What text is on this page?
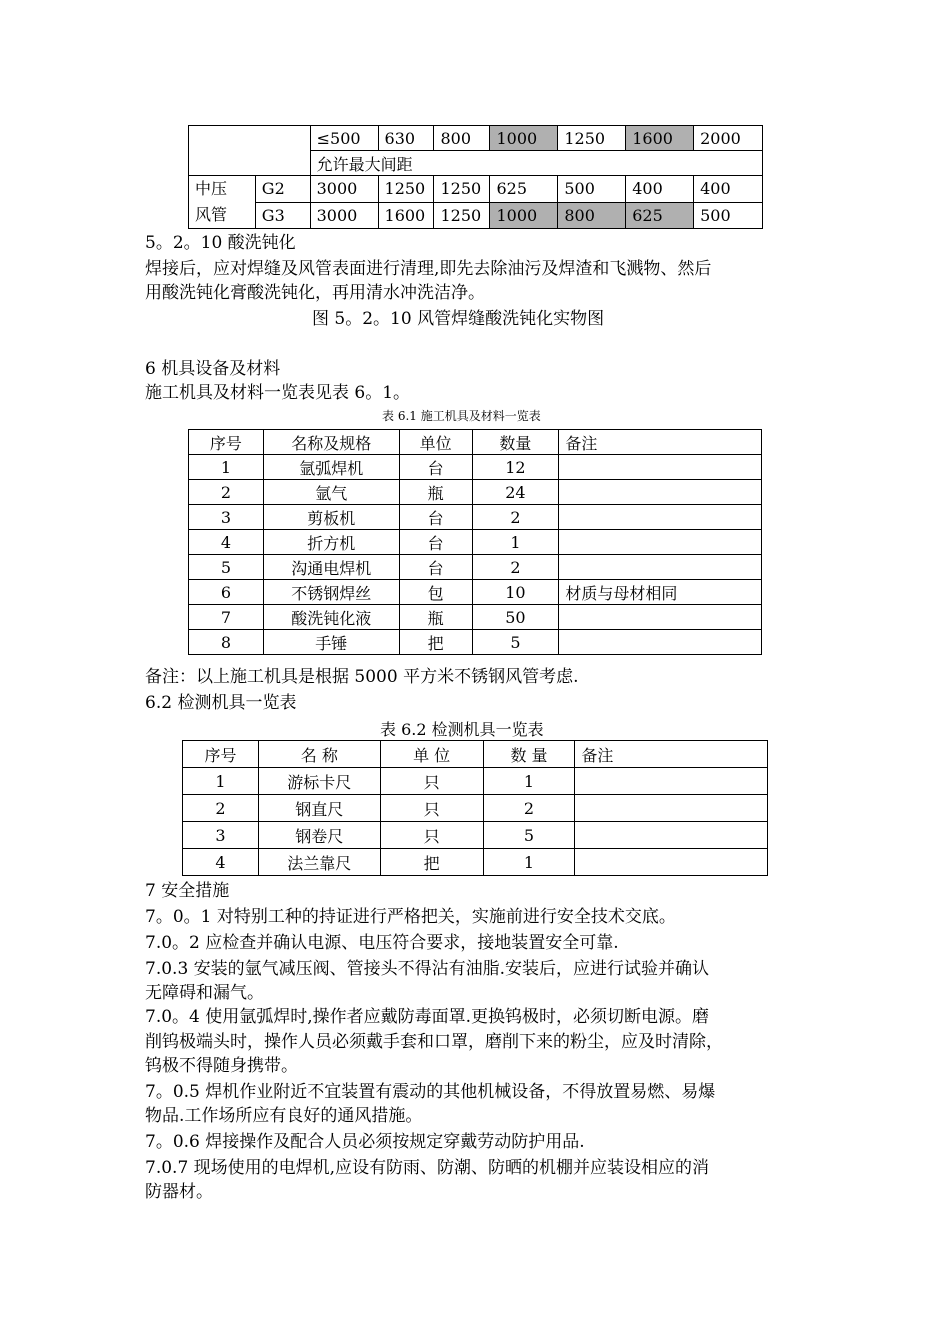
		≤500	630	800	1000	1250	1600	2000
		允许最大间距						
中压
风管	G2	3000	1250	1250	625	500	400	400
	G3	3000	1600	1250	1000	800	625	500
5。2。10 酸洗钝化
焊接后，应对焊缝及风管表面进行清理,即先去除油污及焊渣和飞溅物、然后
用酸洗钝化膏酸洗钝化，再用清水冲洗洁净。
图 5。2。10 风管焊缝酸洗钝化实物图
6 机具设备及材料
施工机具及材料一览表见表 6。1。
表 6.1 施工机具及材料一览表
序号	名称及规格	单位	数量	备注
1	氩弧焊机	台	12	
2	氩气	瓶	24	
3	剪板机	台	2	
4	折方机	台	1	
5	沟通电焊机	台	2	
6	不锈钢焊丝	包	10	材质与母材相同
7	酸洗钝化液	瓶	50	
8	手锤	把	5	
备注：以上施工机具是根据 5000 平方米不锈钢风管考虑.
6.2 检测机具一览表
表 6.2 检测机具一览表
序号	名 称	单 位	数 量	备注
1	游标卡尺	只	1	
2	钢直尺	只	2	
3	钢卷尺	只	5	
4	法兰靠尺	把	1	
7 安全措施
7。0。1 对特别工种的持证进行严格把关，实施前进行安全技术交底。
7.0。2 应检查并确认电源、电压符合要求，接地装置安全可靠.
7.0.3 安装的氩气减压阀、管接头不得沾有油脂.安装后，应进行试验并确认
无障碍和漏气。
7.0。4 使用氩弧焊时,操作者应戴防毒面罩.更换钨极时，必须切断电源。磨
削钨极端头时，操作人员必须戴手套和口罩，磨削下来的粉尘，应及时清除，
钨极不得随身携带。
7。0.5 焊机作业附近不宜装置有震动的其他机械设备，不得放置易燃、易爆
物品.工作场所应有良好的通风措施。
7。0.6 焊接操作及配合人员必须按规定穿戴劳动防护用品.
7.0.7 现场使用的电焊机,应设有防雨、防潮、防晒的机棚并应装设相应的消
防器材。
